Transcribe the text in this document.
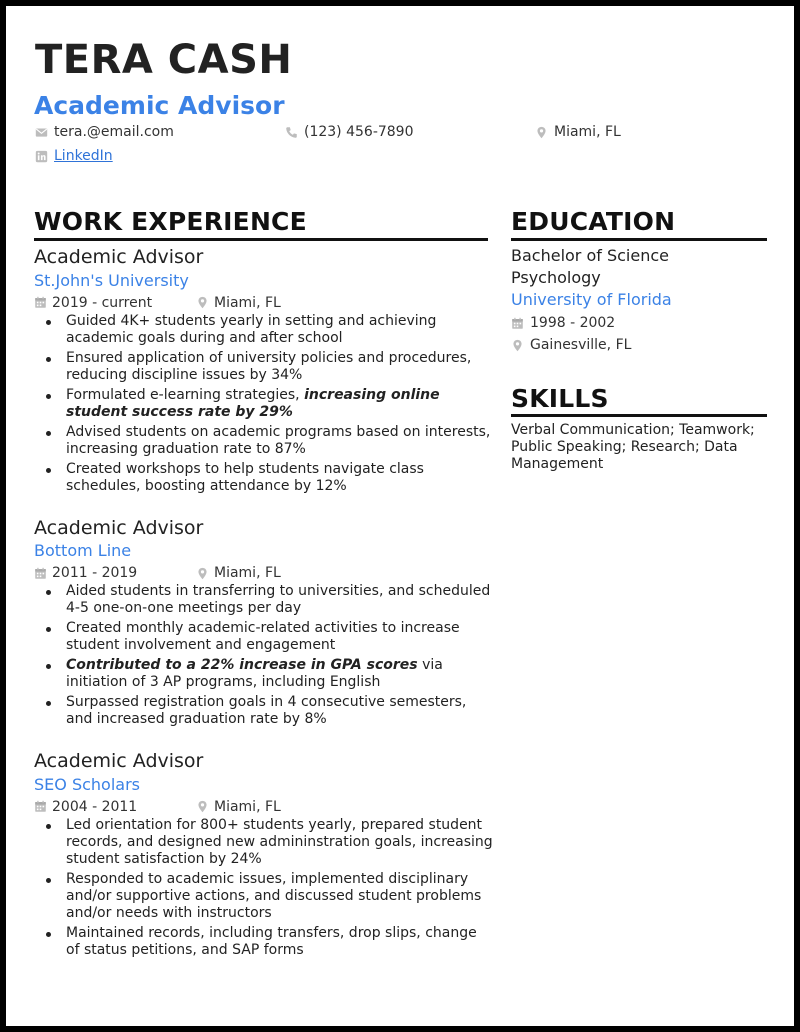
TERA CASH
Academic Advisor
tera.@email.com	(123) 456-7890	Miami, FL
LinkedIn
WORK EXPERIENCE

Academic Advisor

St.John's University

2019 - current	Miami, FL
Guided 4K+ students yearly in setting and achieving academic goals during and after school
Ensured application of university policies and procedures, reducing discipline issues by 34%
Formulated e-learning strategies, increasing online student success rate by 29%
Advised students on academic programs based on interests, increasing graduation rate to 87%
Created workshops to help students navigate class schedules, boosting attendance by 12%

Academic Advisor

Bottom Line

2011 - 2019	Miami, FL
Aided students in transferring to universities, and scheduled 4-5 one-on-one meetings per day
Created monthly academic-related activities to increase student involvement and engagement
Contributed to a 22% increase in GPA scores via initiation of 3 AP programs, including English
Surpassed registration goals in 4 consecutive semesters, and increased graduation rate by 8%

Academic Advisor

SEO Scholars

2004 - 2011	Miami, FL
Led orientation for 800+ students yearly, prepared student records, and designed new admininstration goals, increasing student satisfaction by 24%
Responded to academic issues, implemented disciplinary and/or supportive actions, and discussed student problems and/or needs with instructors
Maintained records, including transfers, drop slips, change of status petitions, and SAP forms
EDUCATION

Bachelor of Science

Psychology

University of Florida

1998 - 2002
Gainesville, FL
SKILLS

Verbal Communication; Teamwork; Public Speaking; Research; Data Management
